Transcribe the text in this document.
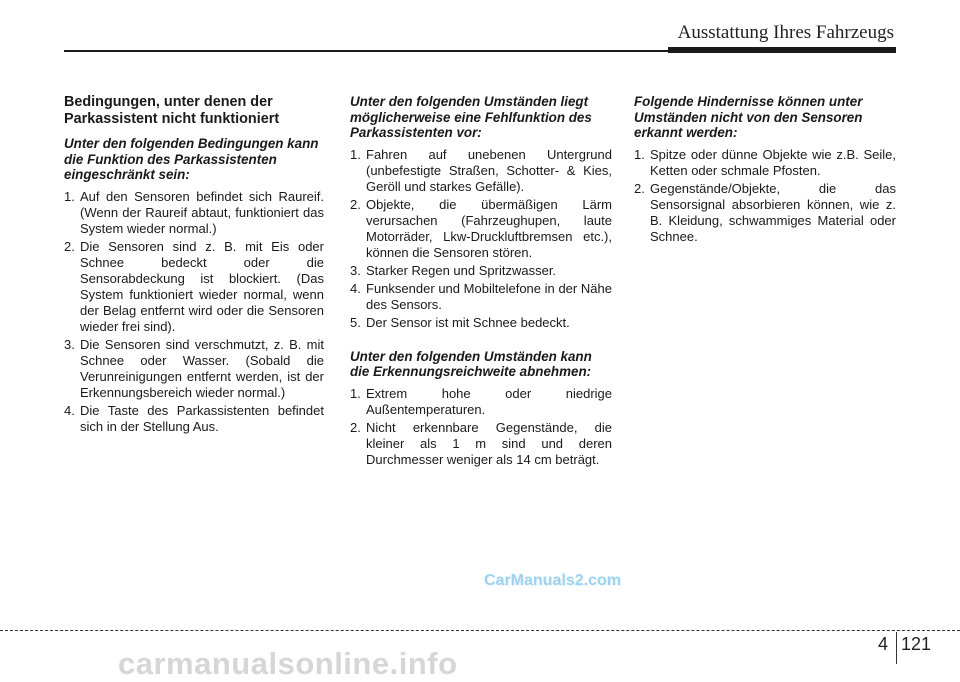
Ausstattung Ihres Fahrzeugs
Bedingungen, unter denen der Parkassistent nicht funktioniert
Unter den folgenden Bedingungen kann die Funktion des Parkassistenten eingeschränkt sein:
1. Auf den Sensoren befindet sich Raureif. (Wenn der Raureif abtaut, funktioniert das System wieder normal.)
2. Die Sensoren sind z. B. mit Eis oder Schnee bedeckt oder die Sensorabdeckung ist blockiert. (Das System funktioniert wieder normal, wenn der Belag entfernt wird oder die Sensoren wieder frei sind).
3. Die Sensoren sind verschmutzt, z. B. mit Schnee oder Wasser. (Sobald die Verunreinigungen entfernt werden, ist der Erkennungsbereich wieder normal.)
4. Die Taste des Parkassistenten befindet sich in der Stellung Aus.
Unter den folgenden Umständen liegt möglicherweise eine Fehlfunktion des Parkassistenten vor:
1. Fahren auf unebenen Untergrund (unbefestigte Straßen, Schotter- & Kies, Geröll und starkes Gefälle).
2. Objekte, die übermäßigen Lärm verursachen (Fahrzeughupen, laute Motorräder, Lkw-Druckluftbremsen etc.), können die Sensoren stören.
3. Starker Regen und Spritzwasser.
4. Funksender und Mobiltelefone in der Nähe des Sensors.
5. Der Sensor ist mit Schnee bedeckt.
Unter den folgenden Umständen kann die Erkennungsreichweite abnehmen:
1. Extrem hohe oder niedrige Außentemperaturen.
2. Nicht erkennbare Gegenstände, die kleiner als 1 m sind und deren Durchmesser weniger als 14 cm beträgt.
Folgende Hindernisse können unter Umständen nicht von den Sensoren erkannt werden:
1. Spitze oder dünne Objekte wie z.B. Seile, Ketten oder schmale Pfosten.
2. Gegenstände/Objekte, die das Sensorsignal absorbieren können, wie z. B. Kleidung, schwammiges Material oder Schnee.
CarManuals2.com
4 121
carmanualsonline.info
